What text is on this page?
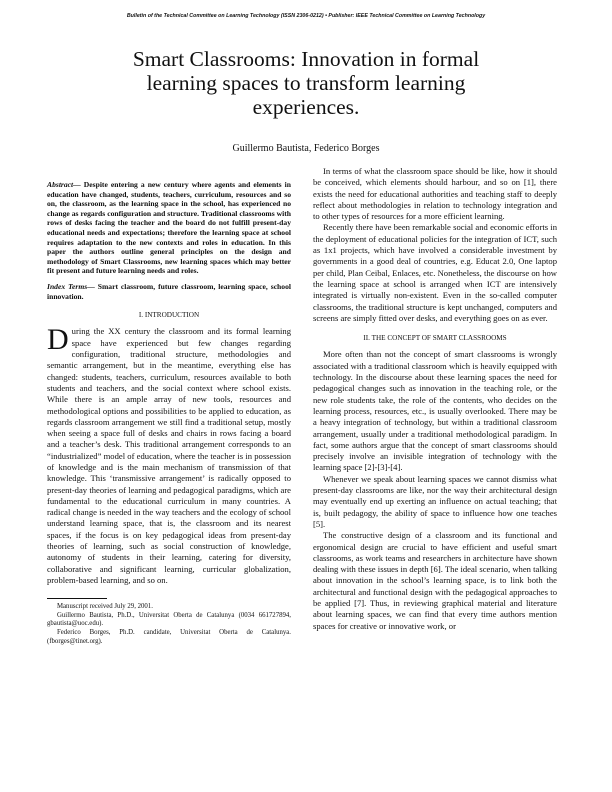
Bulletin of the Technical Committee on Learning Technology (ISSN 2306-0212) • Publisher: IEEE Technical Committee on Learning Technology
Smart Classrooms: Innovation in formal learning spaces to transform learning experiences.
Guillermo Bautista, Federico Borges

Abstract— Despite entering a new century where agents and elements in education have changed, students, teachers, curriculum, resources and so on, the classroom, as the learning space in the school, has experienced no change as regards configuration and structure. Traditional classrooms with rows of desks facing the teacher and the board do not fulfill present-day educational needs and expectations; therefore the learning space at school requires adaptation to the new contexts and roles in education. In this paper the authors outline general principles on the design and methodology of Smart Classrooms, new learning spaces which may better fit present and future learning needs and roles.

Index Terms— Smart classroom, future classroom, learning space, school innovation.

I. INTRODUCTION

During the XX century the classroom and its formal learning space have experienced but few changes regarding configuration, traditional structure, methodologies and semantic arrangement, but in the meantime, everything else has changed: students, teachers, curriculum, resources available to both students and teachers, and the social context where school exists. While there is an ample array of new tools, resources and methodological options and possibilities to be applied to education, as regards classroom arrangement we still find a traditional setup, mostly when seeing a space full of desks and chairs in rows facing a board and a teacher’s desk. This traditional arrangement corresponds to an “industrialized” model of education, where the teacher is in possession of knowledge and is the main mechanism of transmission of that knowledge. This ‘transmissive arrangement’ is radically opposed to present-day theories of learning and pedagogical paradigms, which are fundamental to the educational curriculum in many countries. A radical change is needed in the way teachers and the ecology of school understand learning space, that is, the classroom and its nearest spaces, if the focus is on key pedagogical ideas from present-day theories of learning, such as social construction of knowledge, autonomy of students in their learning, catering for diversity, collaborative and significant learning, curricular globalization, problem-based learning, and so on.

Manuscript received July 29, 2001.

Guillermo Bautista, Ph.D., Universitat Oberta de Catalunya (0034 661727894, gbautista@uoc.edu).

Federico Borges, Ph.D. candidate, Universitat Oberta de Catalunya. (fborges@tinet.org).

In terms of what the classroom space should be like, how it should be conceived, which elements should harbour, and so on [1], there exists the need for educational authorities and teaching staff to deeply reflect about methodologies in relation to technology integration and to other types of resources for a more efficient learning.

Recently there have been remarkable social and economic efforts in the deployment of educational policies for the integration of ICT, such as 1x1 projects, which have involved a considerable investment by governments in a good deal of countries, e.g. Educat 2.0, One laptop per child, Plan Ceibal, Enlaces, etc. Nonetheless, the discourse on how the learning space at school is arranged when ICT are intensively integrated is virtually non-existent. Even in the so-called computer classrooms, the traditional structure is kept unchanged, computers and screens are simply fitted over desks, and everything goes on as ever.

II. THE CONCEPT OF SMART CLASSROOMS

More often than not the concept of smart classrooms is wrongly associated with a traditional classroom which is heavily equipped with technology. In the discourse about these learning spaces the need for pedagogical changes such as innovation in the teaching role, or the new role students take, the role of the contents, who decides on the learning process, resources, etc., is usually overlooked. There may be a heavy integration of technology, but within a traditional classroom arrangement, usually under a traditional methodological paradigm. In fact, some authors argue that the concept of smart classrooms should precisely involve an invisible integration of technology with the learning space [2]-[3]-[4].

Whenever we speak about learning spaces we cannot dismiss what present-day classrooms are like, nor the way their architectural design may eventually end up exerting an influence on actual teaching; that is, built pedagogy, the ability of space to influence how one teaches [5].

The constructive design of a classroom and its functional and ergonomical design are crucial to have efficient and useful smart classrooms, as work teams and researchers in architecture have shown dealing with these issues in depth [6]. The ideal scenario, when talking about innovation in the school’s learning space, is to link both the architectural and functional design with the pedagogical approaches to be applied [7]. Thus, in reviewing graphical material and literature about learning spaces, we can find that every time authors mention spaces for creative or innovative work, or
